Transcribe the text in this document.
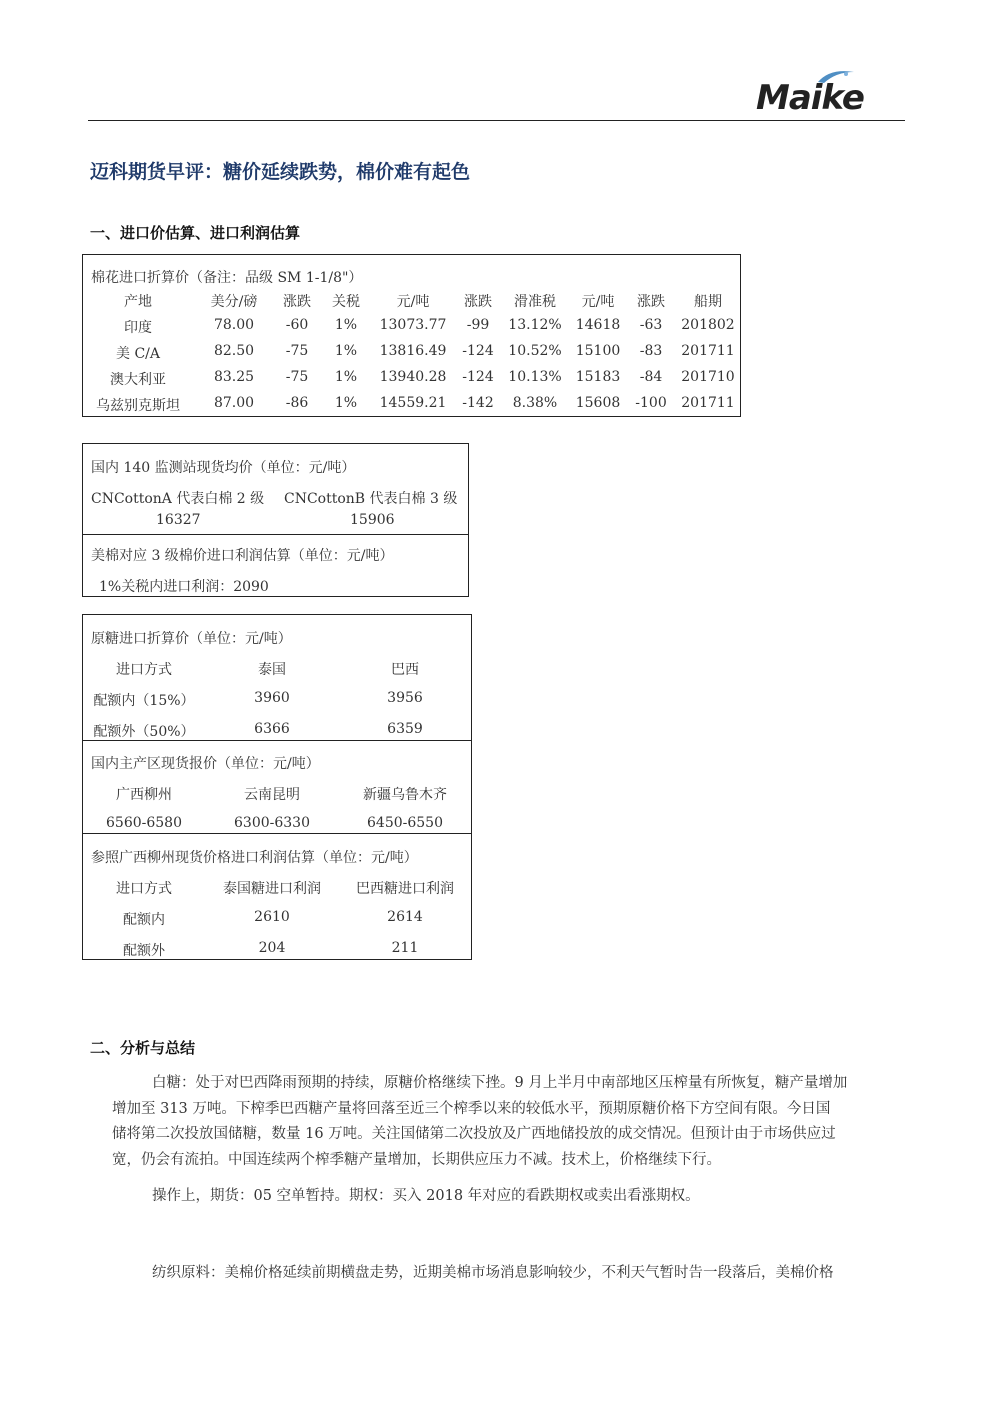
Maike
迈科期货早评：糖价延续跌势，棉价难有起色
一、进口价估算、进口利润估算
棉花进口折算价（备注：品级 SM 1-1/8"）
产地	美分/磅 涨跌 关税	元/吨 涨跌 滑准税 元/吨 涨跌 船期
印度	78.00 -60 1% 13073.77 -99 13.12% 14618 -63 201802
美 C/A	82.50 -75 1% 13816.49 -124 10.52% 15100 -83 201711
澳大利亚	83.25 -75 1% 13940.28 -124 10.13% 15183 -84 201710
乌兹别克斯坦 87.00 -86 1% 14559.21 -142 8.38% 15608 -100 201711
国内 140 监测站现货均价（单位：元/吨）
CNCottonA 代表白棉 2 级 CNCottonB 代表白棉 3 级
16327	15906
美棉对应 3 级棉价进口利润估算（单位：元/吨）
1%关税内进口利润：2090
原糖进口折算价（单位：元/吨）
进口方式	泰国	巴西
配额内（15%）	3960	3956
配额外（50%）	6366	6359
国内主产区现货报价（单位：元/吨）
广西柳州	云南昆明	新疆乌鲁木齐
6560-6580	6300-6330	6450-6550
参照广西柳州现货价格进口利润估算（单位：元/吨）
进口方式	泰国糖进口利润	巴西糖进口利润
配额内	2610	2614
配额外	204	211
二、分析与总结
白糖：处于对巴西降雨预期的持续，原糖价格继续下挫。9 月上半月中南部地区压榨量有所恢复，糖产量增加
增加至 313 万吨。下榨季巴西糖产量将回落至近三个榨季以来的较低水平，预期原糖价格下方空间有限。今日国
储将第二次投放国储糖，数量 16 万吨。关注国储第二次投放及广西地储投放的成交情况。但预计由于市场供应过
宽，仍会有流拍。中国连续两个榨季糖产量增加，长期供应压力不减。技术上，价格继续下行。
操作上，期货：05 空单暂持。期权：买入 2018 年对应的看跌期权或卖出看涨期权。
纺织原料：美棉价格延续前期横盘走势，近期美棉市场消息影响较少，不利天气暂时告一段落后，美棉价格
